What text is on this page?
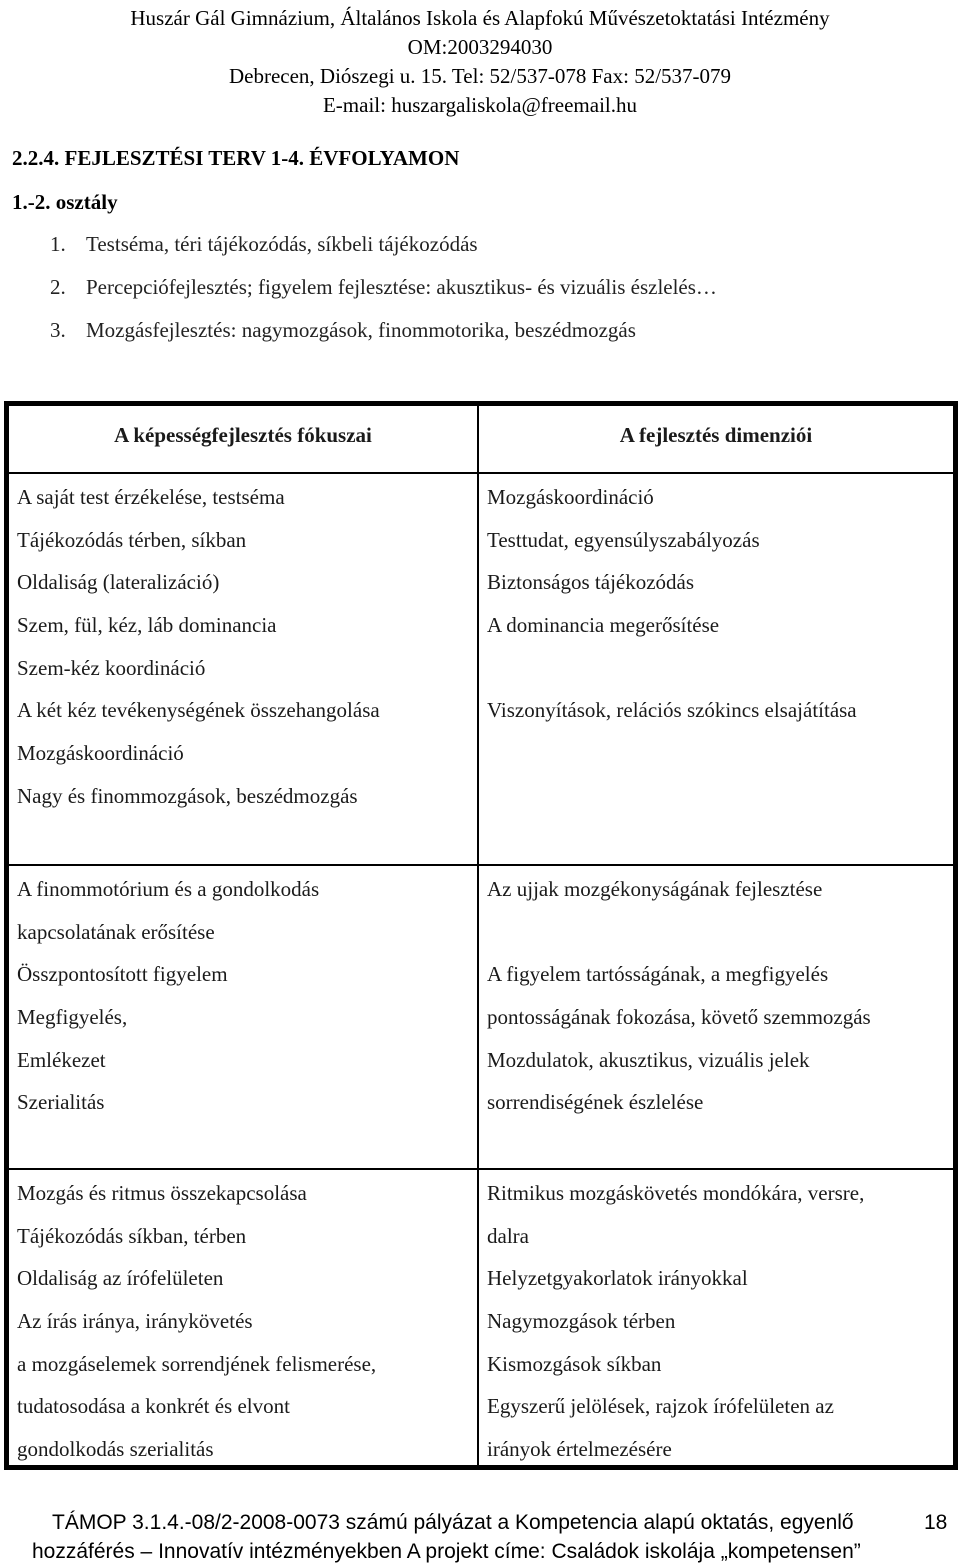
Huszár Gál Gimnázium, Általános Iskola és Alapfokú Művészetoktatási Intézmény
OM:2003294030
Debrecen, Diószegi u. 15. Tel: 52/537-078 Fax: 52/537-079
E-mail: huszargaliskola@freemail.hu
2.2.4. FEJLESZTÉSI TERV 1-4. ÉVFOLYAMON
1.-2. osztály
1. Testséma, téri tájékozódás, síkbeli tájékozódás
2. Percepciófejlesztés; figyelem fejlesztése: akusztikus- és vizuális észlelés…
3. Mozgásfejlesztés: nagymozgások, finommotorika, beszédmozgás
A képességfejlesztés fókuszai	A fejlesztés dimenziói
A saját test érzékelése, testséma
Tájékozódás térben, síkban
Oldaliság (lateralizáció)
Szem, fül, kéz, láb dominancia
Szem-kéz koordináció
A két kéz tevékenységének összehangolása
Mozgáskoordináció
Nagy és finommozgások, beszédmozgás
Mozgáskoordináció
Testtudat, egyensúlyszabályozás
Biztonságos tájékozódás
A dominancia megerősítése
Viszonyítások, relációs szókincs elsajátítása
A finommotórium és a gondolkodás
kapcsolatának erősítése
Összpontosított figyelem
Megfigyelés,
Emlékezet
Szerialitás
Az ujjak mozgékonyságának fejlesztése
A figyelem tartósságának, a megfigyelés
pontosságának fokozása, követő szemmozgás
Mozdulatok, akusztikus, vizuális jelek
sorrendiségének észlelése
Mozgás és ritmus összekapcsolása
Tájékozódás síkban, térben
Oldaliság az írófelületen
Az írás iránya, iránykövetés
a mozgáselemek sorrendjének felismerése,
tudatosodása a konkrét és elvont
gondolkodás szerialitás
Ritmikus mozgáskövetés mondókára, versre,
dalra
Helyzetgyakorlatok irányokkal
Nagymozgások térben
Kismozgások síkban
Egyszerű jelölések, rajzok írófelületen az
irányok értelmezésére
TÁMOP 3.1.4.-08/2-2008-0073 számú pályázat a Kompetencia alapú oktatás, egyenlő	18
hozzáférés – Innovatív intézményekben A projekt címe: Családok iskolája „kompetensen”
